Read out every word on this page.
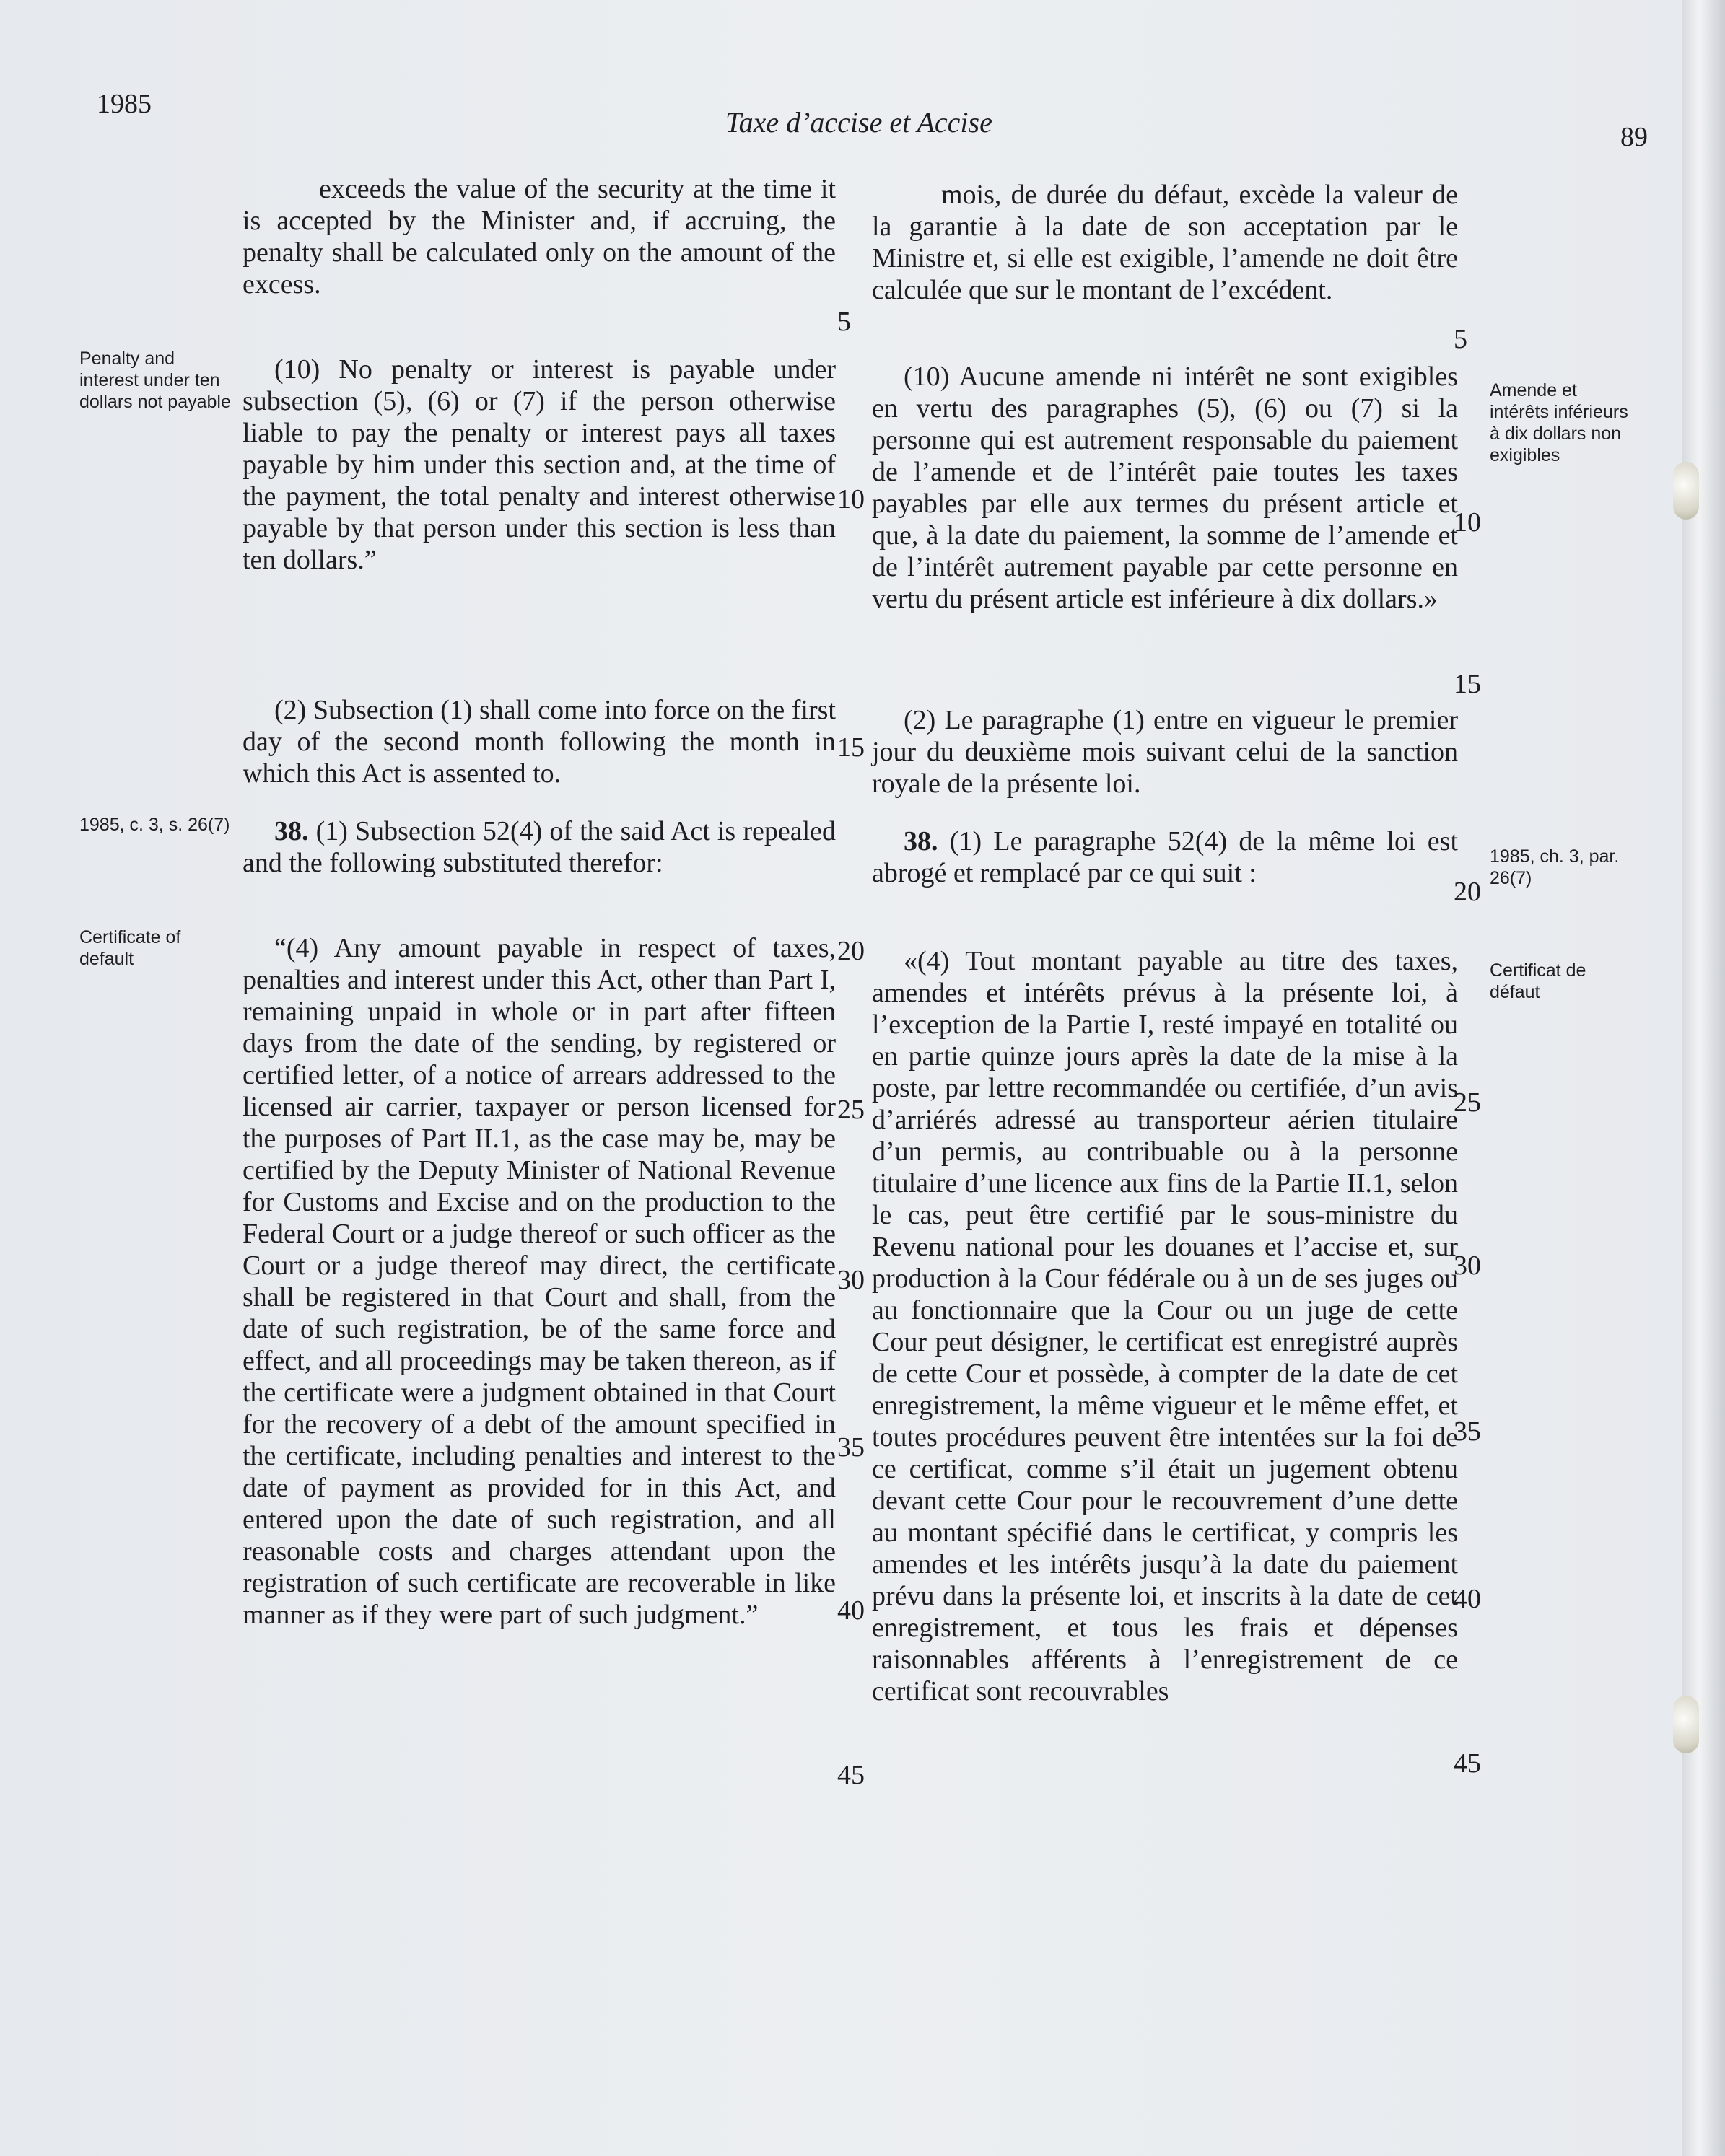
1985
Taxe d’accise et Accise	89

exceeds the value of the security at the time it is accepted by the Minister and, if accruing, the penalty shall be calculated only on the amount of the excess.

(10) No penalty or interest is payable under subsection (5), (6) or (7) if the person otherwise liable to pay the penalty or interest pays all taxes payable by him under this section and, at the time of the payment, the total penalty and interest otherwise payable by that person under this section is less than ten dollars.”

(2) Subsection (1) shall come into force on the first day of the second month following the month in which this Act is assented to.

38. (1) Subsection 52(4) of the said Act is repealed and the following substituted therefor:

“(4) Any amount payable in respect of taxes, penalties and interest under this Act, other than Part I, remaining unpaid in whole or in part after fifteen days from the date of the sending, by registered or certified letter, of a notice of arrears addressed to the licensed air carrier, taxpayer or person licensed for the purposes of Part II.1, as the case may be, may be certified by the Deputy Minister of National Revenue for Customs and Excise and on the production to the Federal Court or a judge thereof or such officer as the Court or a judge thereof may direct, the certificate shall be registered in that Court and shall, from the date of such registration, be of the same force and effect, and all proceedings may be taken thereon, as if the certificate were a judgment obtained in that Court for the recovery of a debt of the amount specified in the certificate, including penalties and interest to the date of payment as provided for in this Act, and entered upon the date of such registration, and all reasonable costs and charges attendant upon the registration of such certificate are recoverable in like manner as if they were part of such judgment.”

5
10
15
20
25
30
35
40
45

mois, de durée du défaut, excède la valeur de la garantie à la date de son acceptation par le Ministre et, si elle est exigible, l’amende ne doit être calculée que sur le montant de l’excédent.

(10) Aucune amende ni intérêt ne sont exigibles en vertu des paragraphes (5), (6) ou (7) si la personne qui est autrement responsable du paiement de l’amende et de l’intérêt paie toutes les taxes payables par elle aux termes du présent article et que, à la date du paiement, la somme de l’amende et de l’intérêt autrement payable par cette personne en vertu du présent article est inférieure à dix dollars.»

(2) Le paragraphe (1) entre en vigueur le premier jour du deuxième mois suivant celui de la sanction royale de la présente loi.

38. (1) Le paragraphe 52(4) de la même loi est abrogé et remplacé par ce qui suit :

«(4) Tout montant payable au titre des taxes, amendes et intérêts prévus à la présente loi, à l’exception de la Partie I, resté impayé en totalité ou en partie quinze jours après la date de la mise à la poste, par lettre recommandée ou certifiée, d’un avis d’arriérés adressé au transporteur aérien titulaire d’un permis, au contribuable ou à la personne titulaire d’une licence aux fins de la Partie II.1, selon le cas, peut être certifié par le sous-ministre du Revenu national pour les douanes et l’accise et, sur production à la Cour fédérale ou à un de ses juges ou au fonctionnaire que la Cour ou un juge de cette Cour peut désigner, le certificat est enregistré auprès de cette Cour et possède, à compter de la date de cet enregistrement, la même vigueur et le même effet, et toutes procédures peuvent être intentées sur la foi de ce certificat, comme s’il était un jugement obtenu devant cette Cour pour le recouvrement d’une dette au montant spécifié dans le certificat, y compris les amendes et les intérêts jusqu’à la date du paiement prévu dans la présente loi, et inscrits à la date de cet enregistrement, et tous les frais et dépenses raisonnables afférents à l’enregistrement de ce certificat sont recouvrables

5
10
15
20
25
30
35
40
45
Penalty and interest under ten dollars not payable
1985, c. 3, s. 26(7)
Certificate of default
Amende et intérêts inférieurs à dix dollars non exigibles
1985, ch. 3, par. 26(7)
Certificat de défaut
